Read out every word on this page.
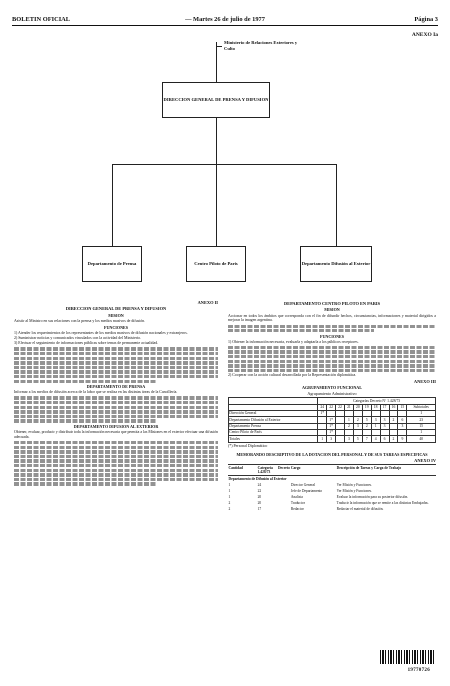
BOLETIN OFICIAL	— Martes 26 de julio de 1977	Página 3
ANEXO Ia
Ministerio de Relaciones Exteriores y Culto
DIRECCION GENERAL DE PRENSA Y DIFUSION
Departamento de Prensa	Centro Piloto de París	Departamento Difusión al Exterior
ANEXO II
DIRECCION GENERAL DE PRENSA Y DIFUSION
MISION
Asistir al Ministro en sus relaciones con la prensa y los medios masivos de difusión.
FUNCIONES
1) Atender los requerimientos de los representantes de los medios masivos de difusión nacionales y extranjeros.
2) Suministrar noticias y comunicados vinculados con la actividad del Ministerio.
3) Efectuar el seguimiento de informaciones públicas sobre temas de permanente actualidad.
DEPARTAMENTO DE PRENSA
Informar a los medios de difusión acerca de la labor que se realiza en las distintas áreas de la Cancillería.
DEPARTAMENTO DIFUSION AL EXTERIOR
Obtener, evaluar, producir y distribuir toda la información necesaria que permita a las Misiones en el exterior efectuar una difusión adecuada.
DEPARTAMENTO CENTRO PILOTO EN PARIS
MISION
Accionar en todos los ámbitos que corresponda con el fin de difundir hechos, circunstancias, informaciones y material dirigidos a mejorar la imagen argentina.
FUNCIONES
1) Obtener la información necesaria, evaluarla y adaptarla a los públicos receptores.
2) Cooperar con la acción cultural desarrollada por la Representación diplomática.
ANEXO III
AGRUPAMIENTO FUNCIONAL
Agrupamiento Administrativo
	Categorías Decreto Nº 1.428/73										
	24	22	22	21	20	19	18	17	16	15	Subtotales
Dirección General	1*										1
Departamento Difusión al Exterior		1*		1	2	5	3	3	2	6	23
Departamento Prensa		1*		2	3	2	1	3		3	15
Centro Piloto de París		1*									1
Totales	1	3		3	5	7	4	6	2	9	40
(*) Personal Diplomático
MEMORANDO DESCRIPTIVO DE LA DOTACION DEL PERSONAL Y DE SUS TAREAS ESPECIFICAS
ANEXO IV
Cantidad	Categoría Decreto 1.428/73	Cargo	Descripción de Tareas y Carga de Trabajo
Departamento de Difusión al Exterior			
1	24	Director General	Ver Misión y Funciones.
1	22	Jefe de Departamento	Ver Misión y Funciones.
1	20	Analista	Evaluar la información para su posterior difusión.
2	20	Traductor	Traducir la información que se remite a las distintas Embajadas.
2	17	Redactor	Redactar el material de difusión.
19770726
